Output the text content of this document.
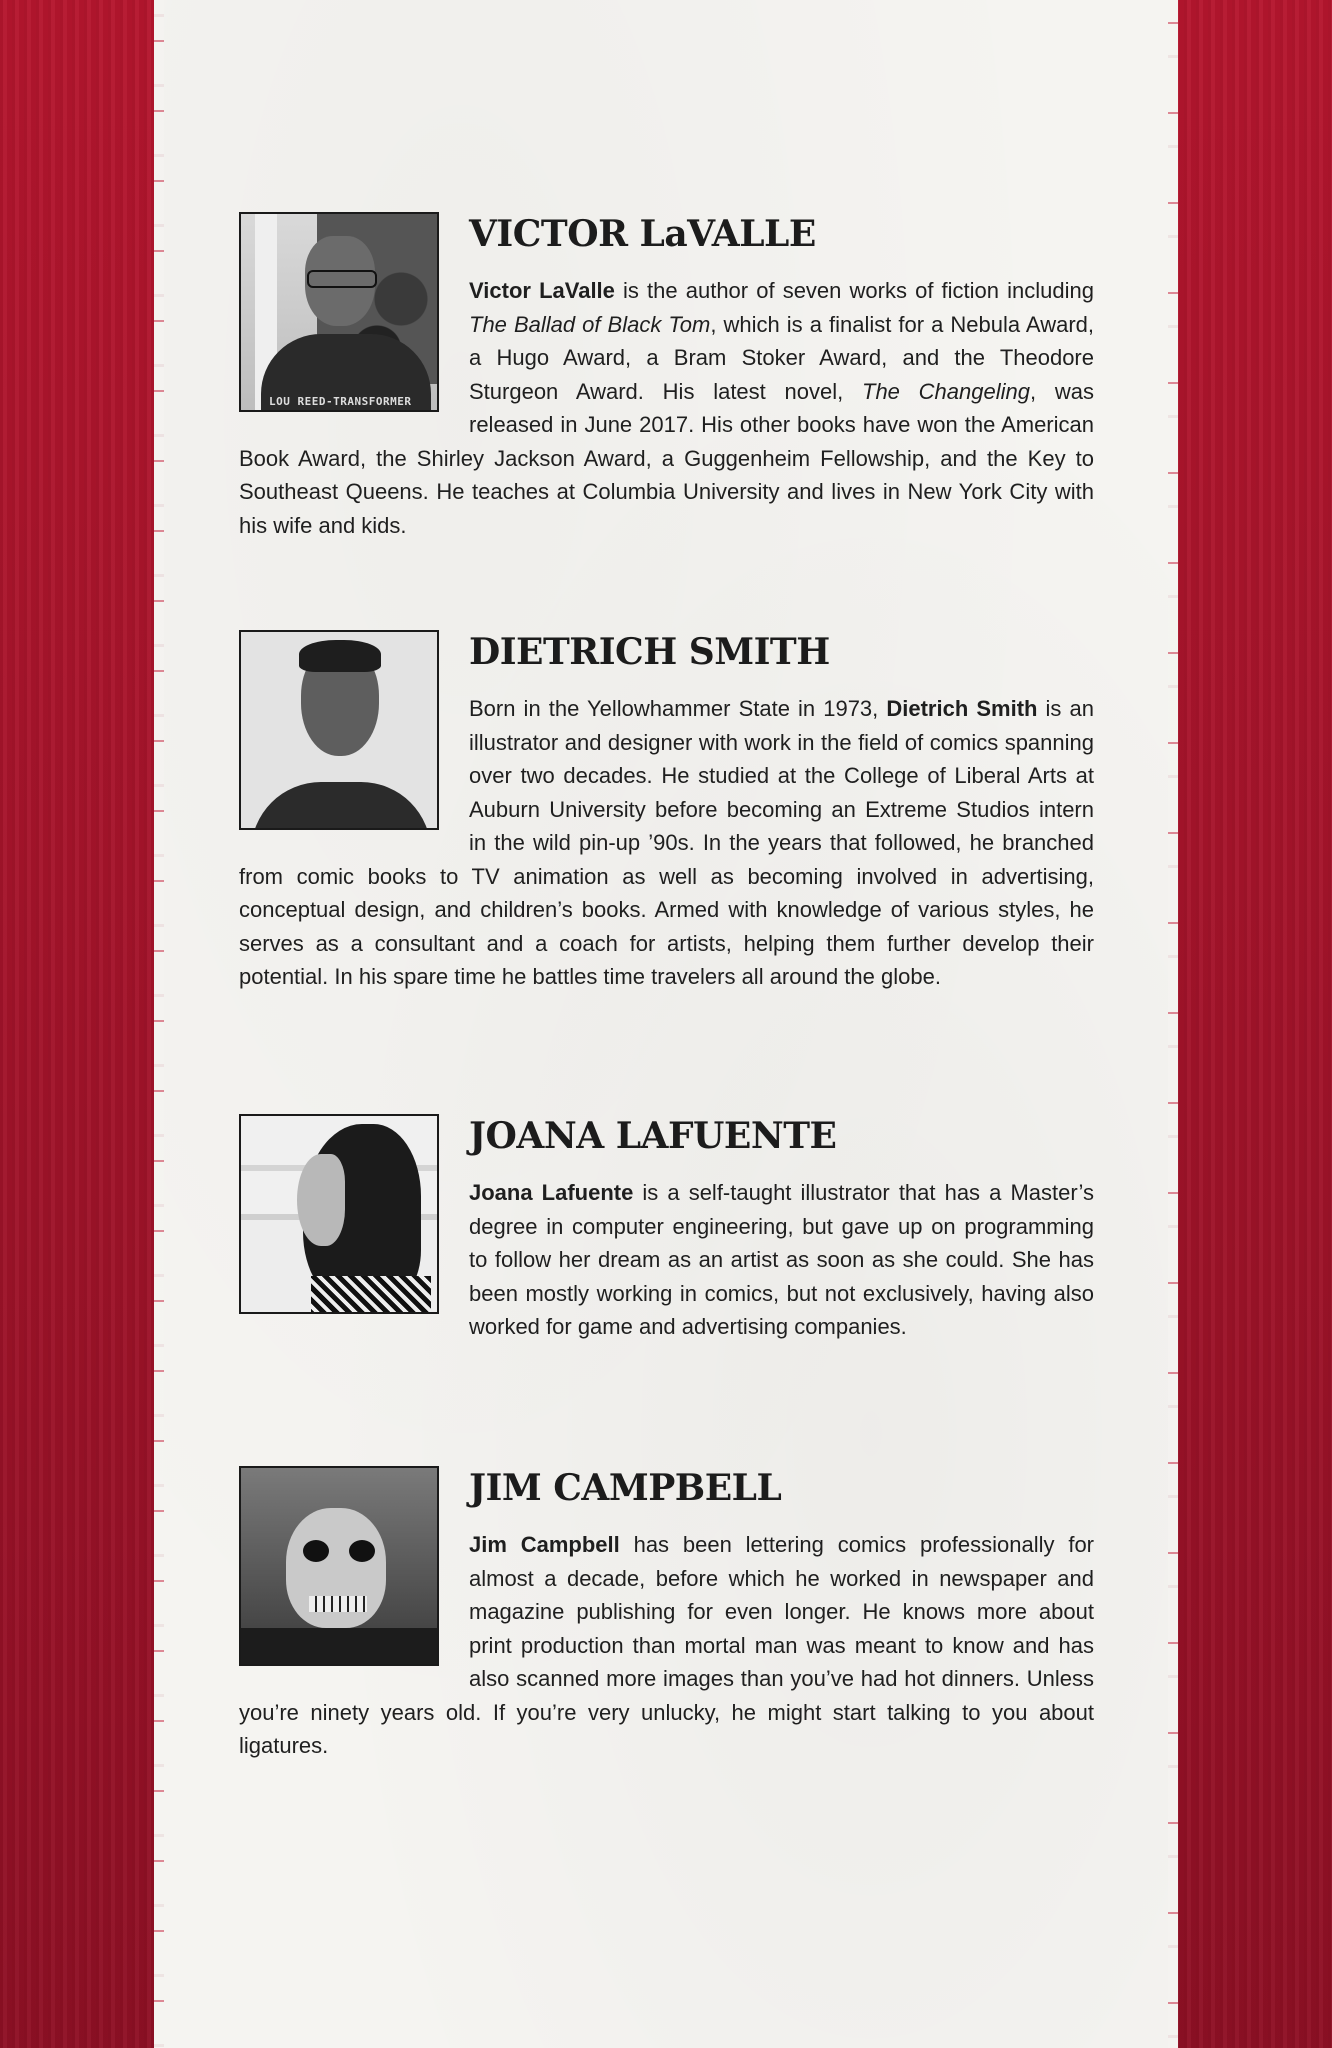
LOU REED-TRANSFORMER
VICTOR LaVALLE

Victor LaValle is the author of seven works of fiction including The Ballad of Black Tom, which is a finalist for a Nebula Award, a Hugo Award, a Bram Stoker Award, and the Theodore Sturgeon Award. His latest novel, The Changeling, was released in June 2017. His other books have won the American Book Award, the Shirley Jackson Award, a Guggenheim Fellowship, and the Key to Southeast Queens. He teaches at Columbia University and lives in New York City with his wife and kids.

DIETRICH SMITH

Born in the Yellowhammer State in 1973, Dietrich Smith is an illustrator and designer with work in the field of comics spanning over two decades. He studied at the College of Liberal Arts at Auburn University before becoming an Extreme Studios intern in the wild pin-up ’90s. In the years that followed, he branched from comic books to TV animation as well as becoming involved in advertising, conceptual design, and children’s books. Armed with knowledge of various styles, he serves as a consultant and a coach for artists, helping them further develop their potential. In his spare time he battles time travelers all around the globe.

JOANA LAFUENTE

Joana Lafuente is a self-taught illustrator that has a Master’s degree in computer engineering, but gave up on programming to follow her dream as an artist as soon as she could. She has been mostly working in comics, but not exclusively, having also worked for game and advertising companies.

JIM CAMPBELL

Jim Campbell has been lettering comics professionally for almost a decade, before which he worked in newspaper and magazine publishing for even longer. He knows more about print production than mortal man was meant to know and has also scanned more images than you’ve had hot dinners. Unless you’re ninety years old. If you’re very unlucky, he might start talking to you about ligatures.
